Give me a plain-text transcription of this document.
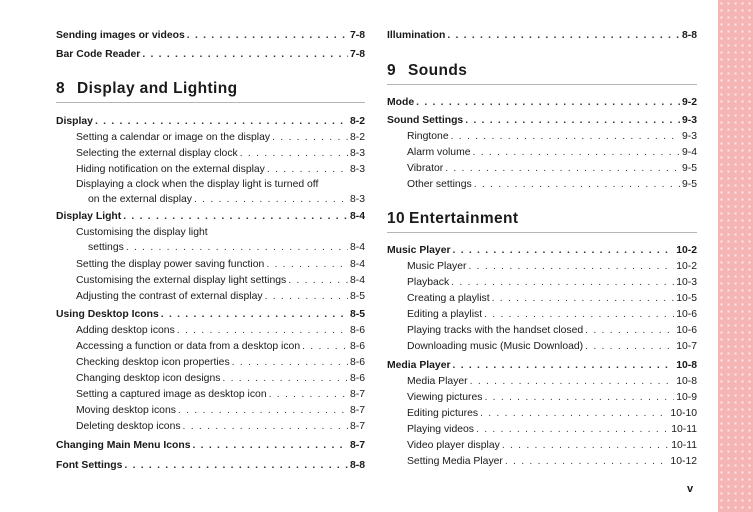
Sending images or videos . . .	7-8
Bar Code Reader . . .	7-8
8 Display and Lighting
Display . . .	8-2
Setting a calendar or image on the display . . .	8-2
Selecting the external display clock . . .	8-3
Hiding notification on the external display . . .	8-3
Displaying a clock when the display light is turned off
on the external display . . .	8-3
Display Light . . .	8-4
Customising the display light
settings . . .	8-4
Setting the display power saving function . . .	8-4
Customising the external display light settings . . .	8-4
Adjusting the contrast of external display . . .	8-5
Using Desktop Icons . . .	8-5
Adding desktop icons . . .	8-6
Accessing a function or data from a desktop icon . . .	8-6
Checking desktop icon properties . . .	8-6
Changing desktop icon designs . . .	8-6
Setting a captured image as desktop icon . . .	8-7
Moving desktop icons . . .	8-7
Deleting desktop icons . . .	8-7
Changing Main Menu Icons . . .	8-7
Font Settings . . .	8-8
Illumination . . .	8-8
9 Sounds
Mode . . .	9-2
Sound Settings . . .	9-3
Ringtone . . .	9-3
Alarm volume . . .	9-4
Vibrator . . .	9-5
Other settings . . .	9-5
10 Entertainment
Music Player . . .	10-2
Music Player . . .	10-2
Playback . . .	10-3
Creating a playlist . . .	10-5
Editing a playlist . . .	10-6
Playing tracks with the handset closed . . .	10-6
Downloading music (Music Download) . . .	10-7
Media Player . . .	10-8
Media Player . . .	10-8
Viewing pictures . . .	10-9
Editing pictures . . .	10-10
Playing videos . . .	10-11
Video player display . . .	10-11
Setting Media Player . . .	10-12
v
